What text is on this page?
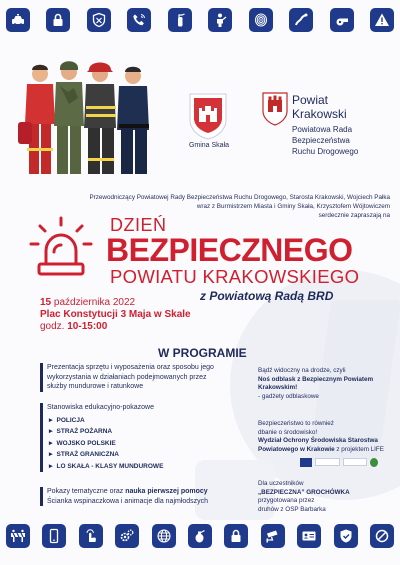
Gmina Skała
Powiat
Krakowski
Powiatowa Rada
Bezpieczeństwa
Ruchu Drogowego
Przewodniczący Powiatowej Rady Bezpieczeństwa Ruchu Drogowego, Starosta Krakowski, Wojciech Pałka
wraz z Burmistrzem Miasta i Gminy Skała, Krzysztofem Wójtowiczem
serdecznie zapraszają na
DZIEŃ
BEZPIECZNEGO
POWIATU KRAKOWSKIEGO
z Powiatową Radą BRD
15 października 2022
Plac Konstytucji 3 Maja w Skale
godz. 10-15:00
W PROGRAMIE
Prezentacja sprzętu i wyposażenia oraz sposobu jego wykorzystania w działaniach podejmowanych przez służby mundurowe i ratunkowe
Stanowiska edukacyjno-pokazowe
▸ POLICJA
▸ STRAŻ POŻARNA
▸ WOJSKO POLSKIE
▸ STRAŻ GRANICZNA
▸ LO SKAŁA - KLASY MUNDUROWE
Pokazy tematyczne oraz nauka pierwszej pomocy
Ścianka wspinaczkowa i animacje dla najmłodszych
Bądź widoczny na drodze, czyli
Noś odblask z Bezpiecznym Powiatem Krakowskim!
- gadżety odblaskowe
Bezpieczeństwo to również
dbanie o środowisko!
Wydział Ochrony Środowiska Starostwa Powiatowego w Krakowie z projektem LIFE
Dla uczestników
„BEZPIECZNA” GROCHÓWKA
przygotowana przez
druhów z OSP Barbarka
